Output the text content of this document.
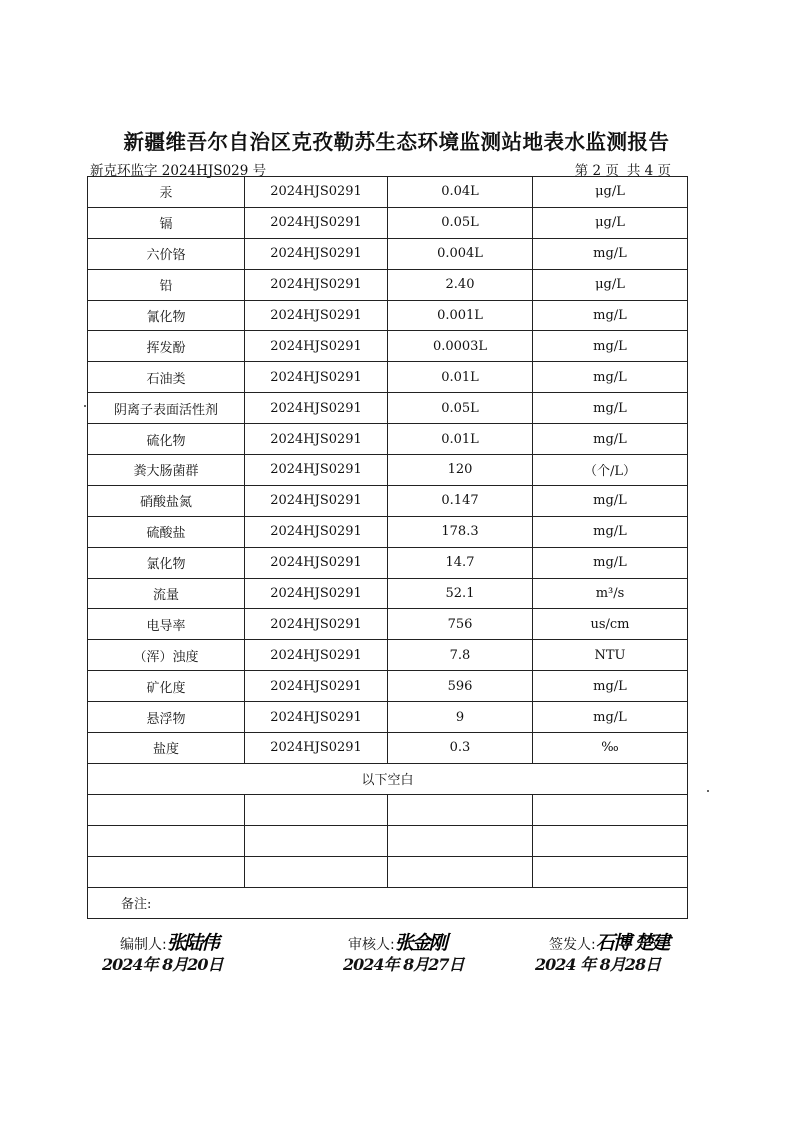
新疆维吾尔自治区克孜勒苏生态环境监测站地表水监测报告
新克环监字 2024HJS029 号	第 2 页 共 4 页
汞	2024HJS0291	0.04L	μg/L
镉	2024HJS0291	0.05L	μg/L
六价铬	2024HJS0291	0.004L	mg/L
铅	2024HJS0291	2.40	μg/L
氰化物	2024HJS0291	0.001L	mg/L
挥发酚	2024HJS0291	0.0003L	mg/L
石油类	2024HJS0291	0.01L	mg/L
阴离子表面活性剂	2024HJS0291	0.05L	mg/L
硫化物	2024HJS0291	0.01L	mg/L
粪大肠菌群	2024HJS0291	120	（个/L）
硝酸盐氮	2024HJS0291	0.147	mg/L
硫酸盐	2024HJS0291	178.3	mg/L
氯化物	2024HJS0291	14.7	mg/L
流量	2024HJS0291	52.1	m³/s
电导率	2024HJS0291	756	us/cm
（浑）浊度	2024HJS0291	7.8	NTU
矿化度	2024HJS0291	596	mg/L
悬浮物	2024HJS0291	9	mg/L
盐度	2024HJS0291	0.3	‰
以下空白			

备注:			
编制人:张陆伟	审核人:张金刚	签发人:石博 楚建
2024年 8月20日	2024年 8月27日	2024 年 8月28日
